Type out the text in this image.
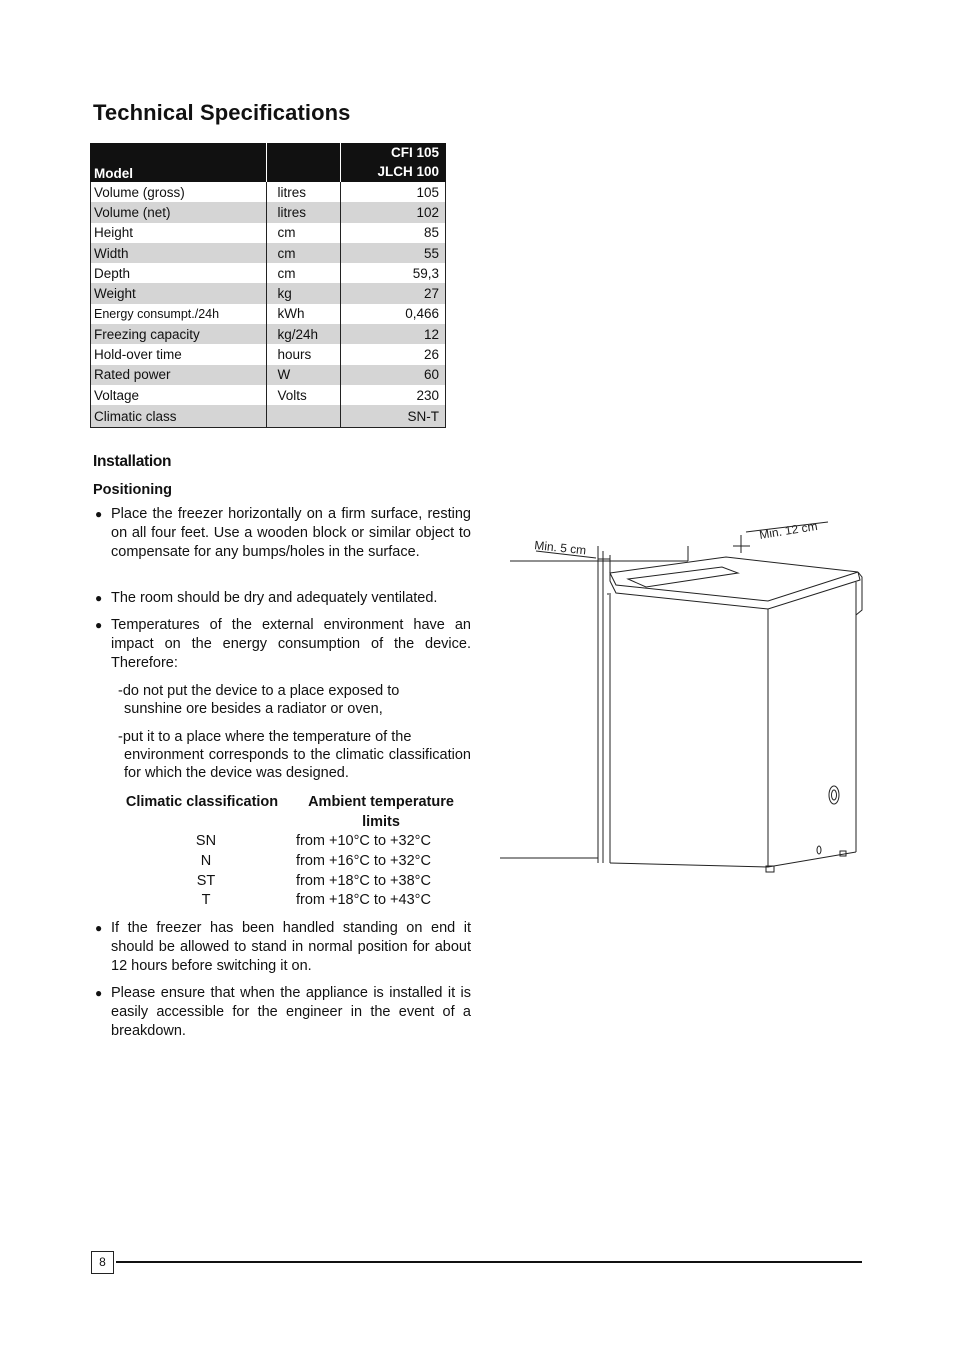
Technical Specifications
Model		CFI 105
JLCH 100
Volume (gross)	litres	105
Volume (net)	litres	102
Height	cm	85
Width	cm	55
Depth	cm	59,3
Weight	kg	27
Energy consumpt./24h	kWh	0,466
Freezing capacity	kg/24h	12
Hold-over time	hours	26
Rated power	W	60
Voltage	Volts	230
Climatic class		SN-T
Installation
Positioning
● Place the freezer horizontally on a firm surface, resting on all four feet. Use a wooden block or similar object to compensate for any bumps/holes in the surface.
● The room should be dry and adequately ventilated.
● Temperatures of the external environment have an impact on the energy consumption of the device. Therefore:
-do not put the device to a place exposed to
sunshine ore besides a radiator or oven,
-put it to a place where the temperature of the
environment corresponds to the climatic classification for which the device was designed.
Climatic classification	Ambient temperature
limits
SN	from +10°C to +32°C
N	from +16°C to +32°C
ST	from +18°C to +38°C
T	from +18°C to +43°C
● If the freezer has been handled standing on end it should be allowed to stand in normal position for about 12 hours before switching it on.
● Please ensure that when the appliance is installed it is easily accessible for the engineer in the event of a breakdown.
Min. 5 cm
Min. 12 cm
8
